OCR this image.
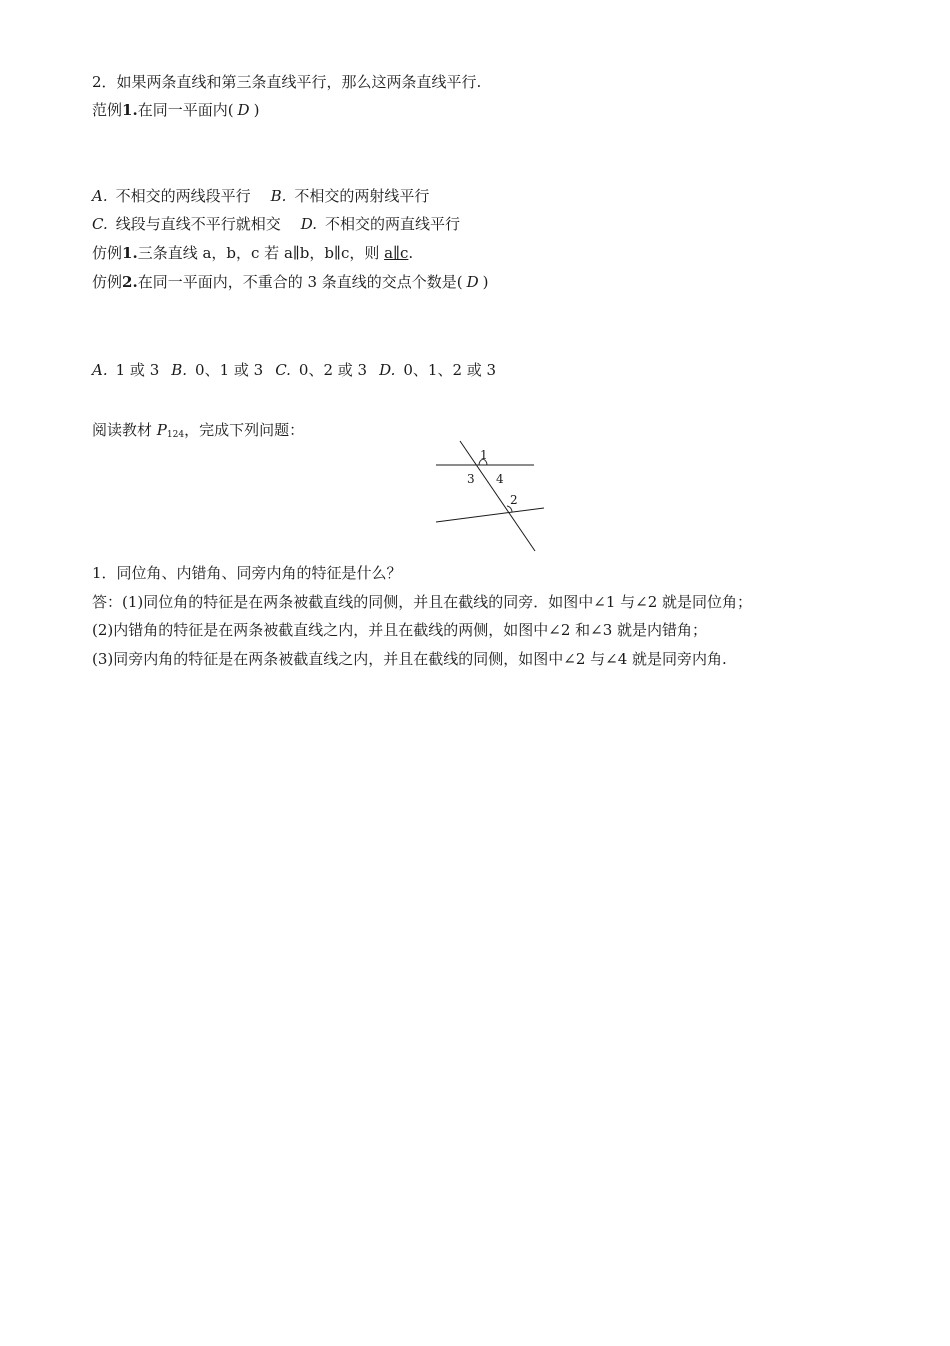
2．如果两条直线和第三条直线平行，那么这两条直线平行.
范例1.在同一平面内( D )
A. 不相交的两线段平行 B. 不相交的两射线平行
C. 线段与直线不平行就相交 D. 不相交的两直线平行
仿例1.三条直线 a，b，c 若 a∥b，b∥c，则 a∥c.
仿例2.在同一平面内，不重合的 3 条直线的交点个数是( D )
A. 1 或 3 B. 0、1 或 3 C. 0、2 或 3 D. 0、1、2 或 3
阅读教材 $P_{124}$，完成下列问题：
1
2
3 4
1．同位角、内错角、同旁内角的特征是什么？
答：(1)同位角的特征是在两条被截直线的同侧，并且在截线的同旁．如图中∠1 与∠2 就是同位角；
(2)内错角的特征是在两条被截直线之内，并且在截线的两侧，如图中∠2 和∠3 就是内错角；
(3)同旁内角的特征是在两条被截直线之内，并且在截线的同侧，如图中∠2 与∠4 就是同旁内角.
